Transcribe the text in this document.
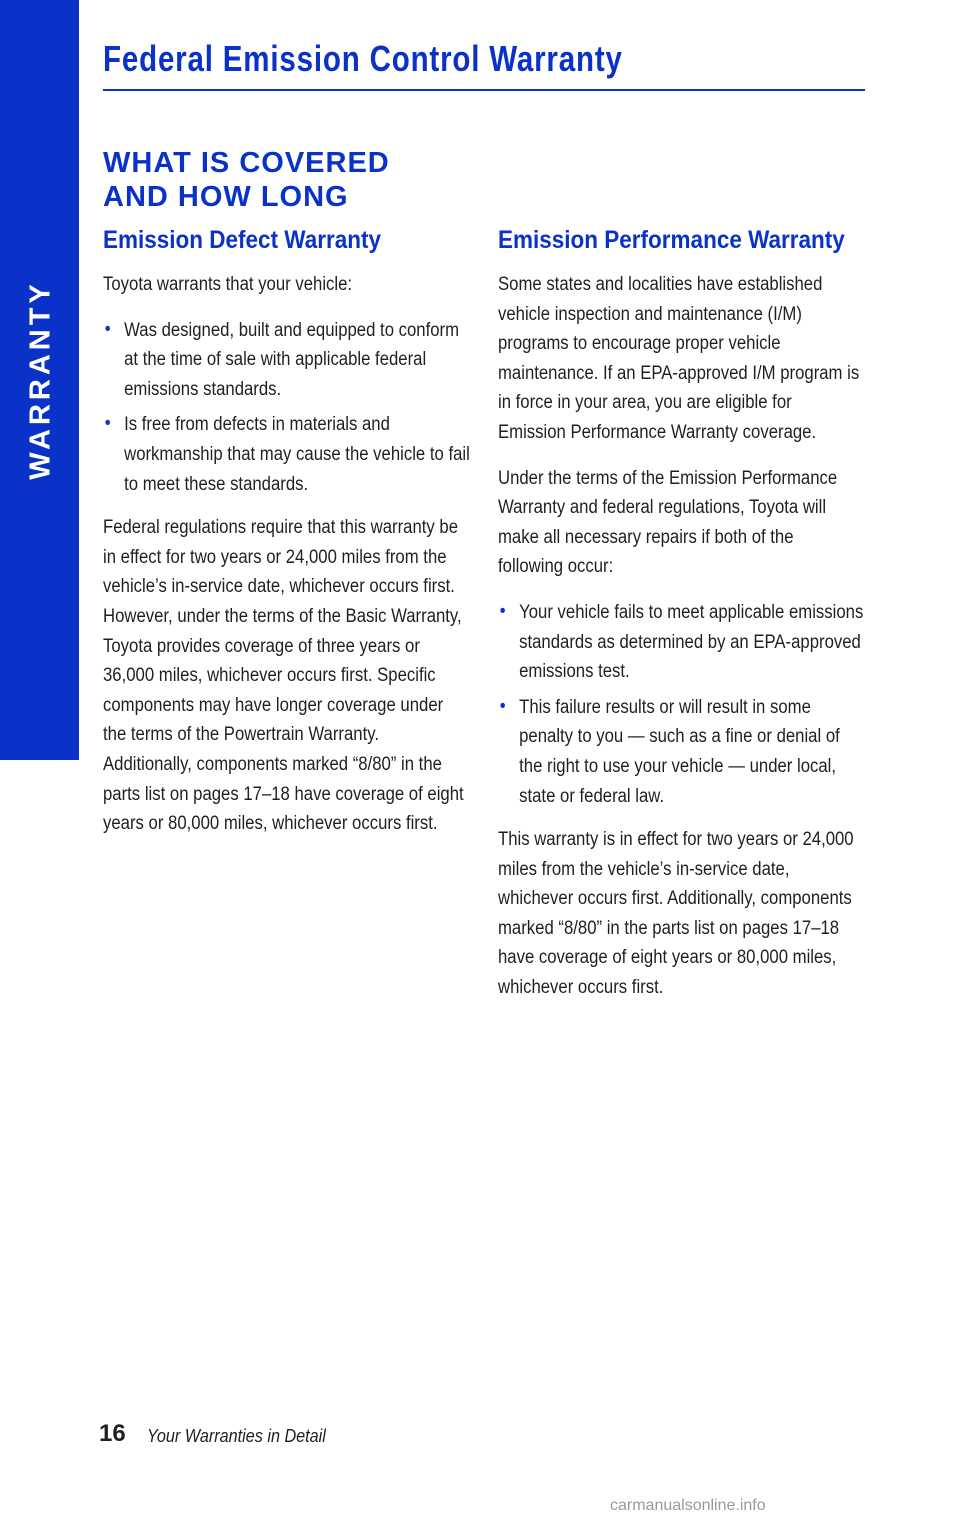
WARRANTY
Federal Emission Control Warranty
WHAT IS COVERED AND HOW LONG
Emission Defect Warranty

Toyota warrants that your vehicle:

• Was designed, built and equipped to conform at the time of sale with applicable federal emissions standards.
• Is free from defects in materials and workmanship that may cause the vehicle to fail to meet these standards.

Federal regulations require that this warranty be in effect for two years or 24,000 miles from the vehicle’s in-service date, whichever occurs first. However, under the terms of the Basic Warranty, Toyota provides coverage of three years or 36,000 miles, whichever occurs first. Specific components may have longer coverage under the terms of the Powertrain Warranty. Additionally, components marked “8/80” in the parts list on pages 17–18 have coverage of eight years or 80,000 miles, whichever occurs first.

Emission Performance Warranty

Some states and localities have established vehicle inspection and maintenance (I/M) programs to encourage proper vehicle maintenance. If an EPA-approved I/M program is in force in your area, you are eligible for Emission Performance Warranty coverage.

Under the terms of the Emission Performance Warranty and federal regulations, Toyota will make all necessary repairs if both of the following occur:

• Your vehicle fails to meet applicable emissions standards as determined by an EPA-approved emissions test.
• This failure results or will result in some penalty to you — such as a fine or denial of the right to use your vehicle — under local, state or federal law.

This warranty is in effect for two years or 24,000 miles from the vehicle’s in-service date, whichever occurs first. Additionally, components marked “8/80” in the parts list on pages 17–18 have coverage of eight years or 80,000 miles, whichever occurs first.

16 Your Warranties in Detail
carmanualsonline.info
